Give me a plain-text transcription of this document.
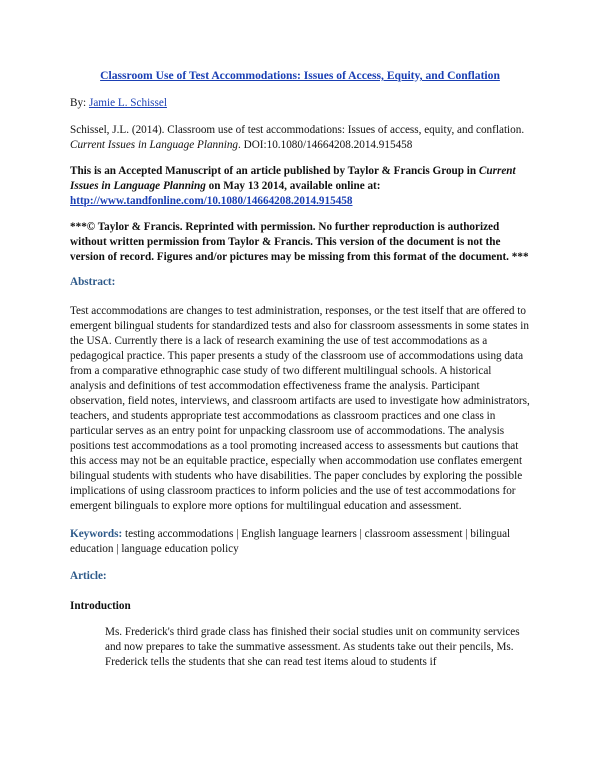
Classroom Use of Test Accommodations: Issues of Access, Equity, and Conflation

By: Jamie L. Schissel

Schissel, J.L. (2014). Classroom use of test accommodations: Issues of access, equity, and conflation. Current Issues in Language Planning. DOI:10.1080/14664208.2014.915458

This is an Accepted Manuscript of an article published by Taylor & Francis Group in Current Issues in Language Planning on May 13 2014, available online at:
http://www.tandfonline.com/10.1080/14664208.2014.915458

***© Taylor & Francis. Reprinted with permission. No further reproduction is authorized without written permission from Taylor & Francis. This version of the document is not the version of record. Figures and/or pictures may be missing from this format of the document. ***

Abstract:

Test accommodations are changes to test administration, responses, or the test itself that are offered to emergent bilingual students for standardized tests and also for classroom assessments in some states in the USA. Currently there is a lack of research examining the use of test accommodations as a pedagogical practice. This paper presents a study of the classroom use of accommodations using data from a comparative ethnographic case study of two different multilingual schools. A historical analysis and definitions of test accommodation effectiveness frame the analysis. Participant observation, field notes, interviews, and classroom artifacts are used to investigate how administrators, teachers, and students appropriate test accommodations as classroom practices and one class in particular serves as an entry point for unpacking classroom use of accommodations. The analysis positions test accommodations as a tool promoting increased access to assessments but cautions that this access may not be an equitable practice, especially when accommodation use conflates emergent bilingual students with students who have disabilities. The paper concludes by exploring the possible implications of using classroom practices to inform policies and the use of test accommodations for emergent bilinguals to explore more options for multilingual education and assessment.

Keywords: testing accommodations | English language learners | classroom assessment | bilingual education | language education policy

Article:

Introduction

Ms. Frederick's third grade class has finished their social studies unit on community services and now prepares to take the summative assessment. As students take out their pencils, Ms. Frederick tells the students that she can read test items aloud to students if
